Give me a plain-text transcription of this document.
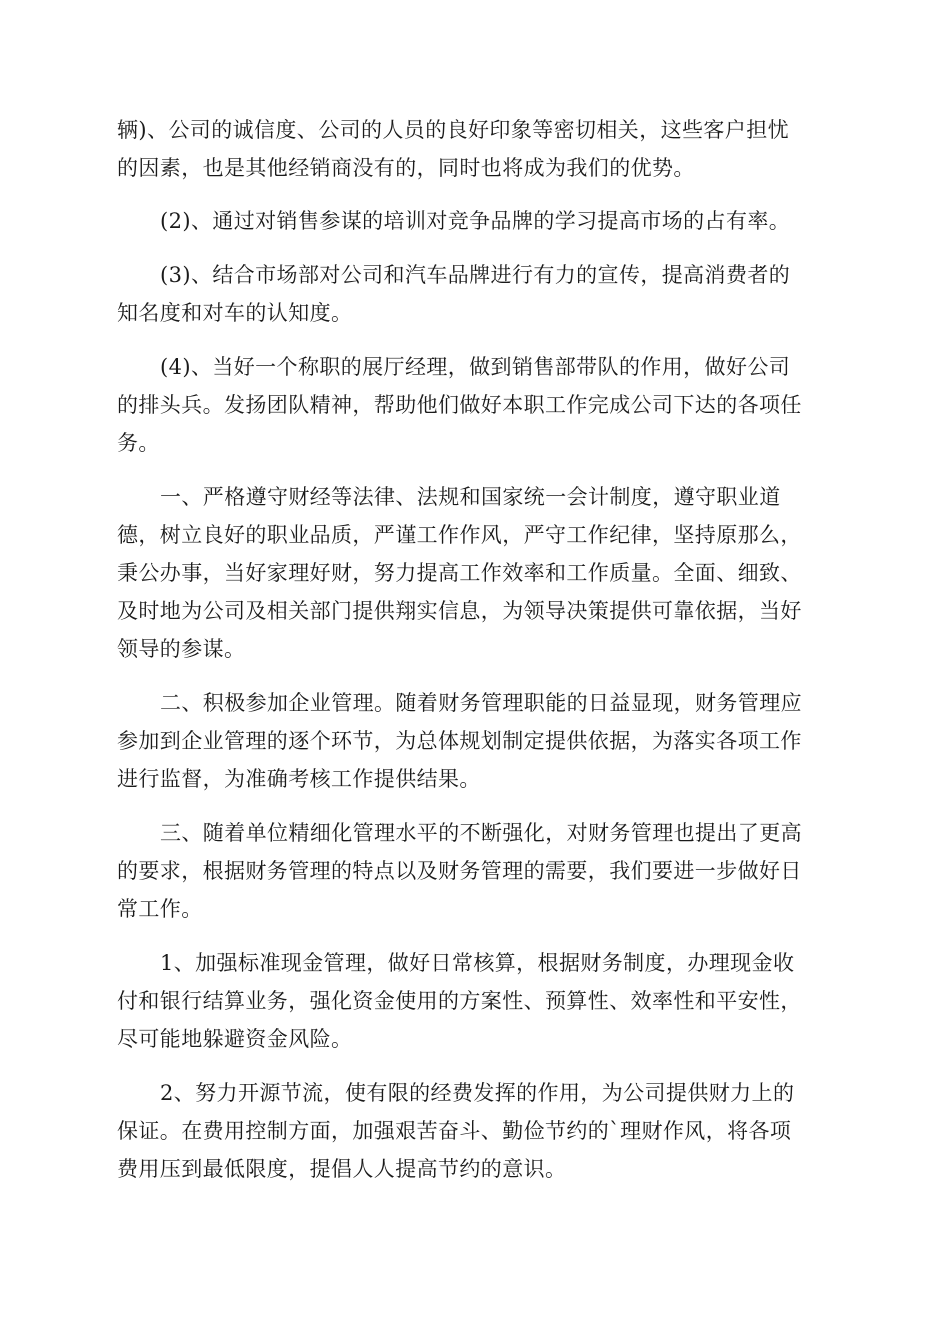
辆)、公司的诚信度、公司的人员的良好印象等密切相关，这些客户担忧
的因素，也是其他经销商没有的，同时也将成为我们的优势。
(2)、通过对销售参谋的培训对竞争品牌的学习提高市场的占有率。
(3)、结合市场部对公司和汽车品牌进行有力的宣传，提高消费者的
知名度和对车的认知度。
(4)、当好一个称职的展厅经理，做到销售部带队的作用，做好公司
的排头兵。发扬团队精神，帮助他们做好本职工作完成公司下达的各项任
务。
一、严格遵守财经等法律、法规和国家统一会计制度，遵守职业道
德，树立良好的职业品质，严谨工作作风，严守工作纪律，坚持原那么，
秉公办事，当好家理好财，努力提高工作效率和工作质量。全面、细致、
及时地为公司及相关部门提供翔实信息，为领导决策提供可靠依据，当好
领导的参谋。
二、积极参加企业管理。随着财务管理职能的日益显现，财务管理应
参加到企业管理的逐个环节，为总体规划制定提供依据，为落实各项工作
进行监督，为准确考核工作提供结果。
三、随着单位精细化管理水平的不断强化，对财务管理也提出了更高
的要求，根据财务管理的特点以及财务管理的需要，我们要进一步做好日
常工作。
1、加强标准现金管理，做好日常核算，根据财务制度，办理现金收
付和银行结算业务，强化资金使用的方案性、预算性、效率性和平安性，
尽可能地躲避资金风险。
2、努力开源节流，使有限的经费发挥的作用，为公司提供财力上的
保证。在费用控制方面，加强艰苦奋斗、勤俭节约的`理财作风，将各项
费用压到最低限度，提倡人人提高节约的意识。
